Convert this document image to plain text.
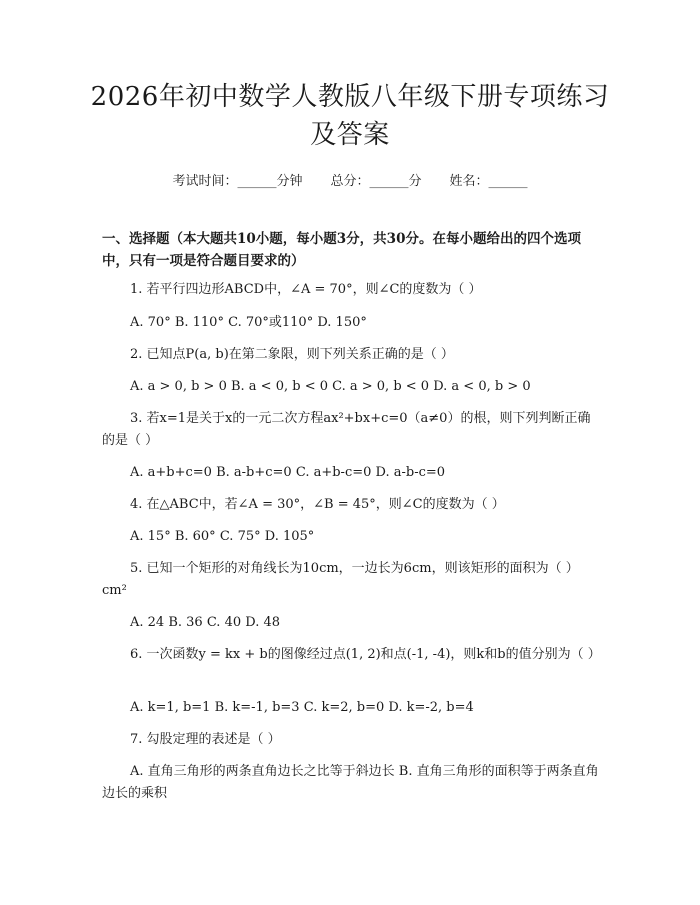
2026年初中数学人教版八年级下册专项练习
及答案
考试时间：______分钟 总分：______分 姓名：______
一、选择题（本大题共10小题，每小题3分，共30分。在每小题给出的四个选项中，只有一项是符合题目要求的）
1. 若平行四边形ABCD中，∠A = 70°，则∠C的度数为（ ）
A. 70° B. 110° C. 70°或110° D. 150°
2. 已知点P(a, b)在第二象限，则下列关系正确的是（ ）
A. a > 0, b > 0 B. a < 0, b < 0 C. a > 0, b < 0 D. a < 0, b > 0
3. 若x=1是关于x的一元二次方程ax²+bx+c=0（a≠0）的根，则下列判断正确的是（ ）
A. a+b+c=0 B. a-b+c=0 C. a+b-c=0 D. a-b-c=0
4. 在△ABC中，若∠A = 30°，∠B = 45°，则∠C的度数为（ ）
A. 15° B. 60° C. 75° D. 105°
5. 已知一个矩形的对角线长为10cm，一边长为6cm，则该矩形的面积为（ ）cm²
A. 24 B. 36 C. 40 D. 48
6. 一次函数y = kx + b的图像经过点(1, 2)和点(-1, -4)，则k和b的值分别为（ ）
A. k=1, b=1 B. k=-1, b=3 C. k=2, b=0 D. k=-2, b=4
7. 勾股定理的表述是（ ）
A. 直角三角形的两条直角边长之比等于斜边长 B. 直角三角形的面积等于两条直角边长的乘积
